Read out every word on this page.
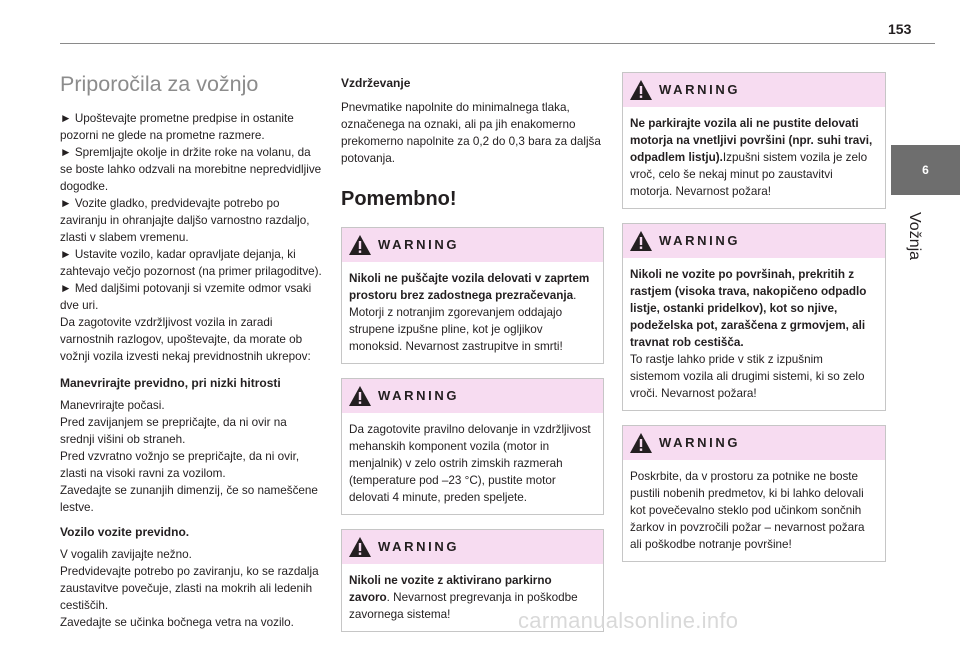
153
6
Vožnja
Priporočila za vožnjo

► Upoštevajte prometne predpise in ostanite pozorni ne glede na prometne razmere.

► Spremljajte okolje in držite roke na volanu, da se boste lahko odzvali na morebitne nepredvidljive dogodke.

► Vozite gladko, predvidevajte potrebo po zaviranju in ohranjajte daljšo varnostno razdaljo, zlasti v slabem vremenu.

► Ustavite vozilo, kadar opravljate dejanja, ki zahtevajo večjo pozornost (na primer prilagoditve).

► Med daljšimi potovanji si vzemite odmor vsaki dve uri.

Da zagotovite vzdržljivost vozila in zaradi varnostnih razlogov, upoštevajte, da morate ob vožnji vozila izvesti nekaj previdnostnih ukrepov:

Manevrirajte previdno, pri nizki hitrosti

Manevrirajte počasi.

Pred zavijanjem se prepričajte, da ni ovir na srednji višini ob straneh.

Pred vzvratno vožnjo se prepričajte, da ni ovir, zlasti na visoki ravni za vozilom.

Zavedajte se zunanjih dimenzij, če so nameščene lestve.

Vozilo vozite previdno.

V vogalih zavijajte nežno.

Predvidevajte potrebo po zaviranju, ko se razdalja zaustavitve povečuje, zlasti na mokrih ali ledenih cestiščih.

Zavedajte se učinka bočnega vetra na vozilo.

Vzdrževanje

Pnevmatike napolnite do minimalnega tlaka, označenega na oznaki, ali pa jih enakomerno prekomerno napolnite za 0,2 do 0,3 bara za daljša potovanja.

Pomembno!
WARNING
Nikoli ne puščajte vozila delovati v zaprtem prostoru brez zadostnega prezračevanja. Motorji z notranjim zgorevanjem oddajajo strupene izpušne pline, kot je ogljikov monoksid. Nevarnost zastrupitve in smrti!
WARNING
Da zagotovite pravilno delovanje in vzdržljivost mehanskih komponent vozila (motor in menjalnik) v zelo ostrih zimskih razmerah (temperature pod –23 °C), pustite motor delovati 4 minute, preden speljete.
WARNING
Nikoli ne vozite z aktivirano parkirno zavoro. Nevarnost pregrevanja in poškodbe zavornega sistema!
WARNING
Ne parkirajte vozila ali ne pustite delovati motorja na vnetljivi površini (npr. suhi travi, odpadlem listju).Izpušni sistem vozila je zelo vroč, celo še nekaj minut po zaustavitvi motorja. Nevarnost požara!
WARNING
Nikoli ne vozite po površinah, prekritih z rastjem (visoka trava, nakopičeno odpadlo listje, ostanki pridelkov), kot so njive, podeželska pot, zaraščena z grmovjem, ali travnat rob cestišča.
To rastje lahko pride v stik z izpušnim sistemom vozila ali drugimi sistemi, ki so zelo vroči. Nevarnost požara!
WARNING
Poskrbite, da v prostoru za potnike ne boste pustili nobenih predmetov, ki bi lahko delovali kot povečevalno steklo pod učinkom sončnih žarkov in povzročili požar – nevarnost požara ali poškodbe notranje površine!
carmanualsonline.info
